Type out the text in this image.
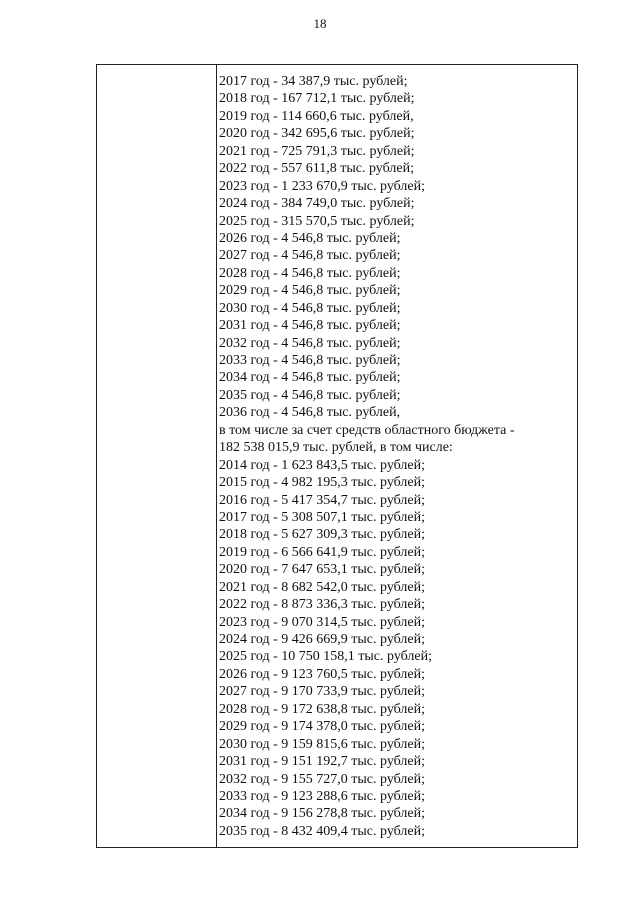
18
2017 год - 34 387,9 тыс. рублей;
2018 год - 167 712,1 тыс. рублей;
2019 год - 114 660,6 тыс. рублей,
2020 год - 342 695,6 тыс. рублей;
2021 год - 725 791,3 тыс. рублей;
2022 год - 557 611,8 тыс. рублей;
2023 год - 1 233 670,9 тыс. рублей;
2024 год - 384 749,0 тыс. рублей;
2025 год - 315 570,5 тыс. рублей;
2026 год - 4 546,8 тыс. рублей;
2027 год - 4 546,8 тыс. рублей;
2028 год - 4 546,8 тыс. рублей;
2029 год - 4 546,8 тыс. рублей;
2030 год - 4 546,8 тыс. рублей;
2031 год - 4 546,8 тыс. рублей;
2032 год - 4 546,8 тыс. рублей;
2033 год - 4 546,8 тыс. рублей;
2034 год - 4 546,8 тыс. рублей;
2035 год - 4 546,8 тыс. рублей;
2036 год - 4 546,8 тыс. рублей,
в том числе за счет средств областного бюджета -
182 538 015,9 тыс. рублей, в том числе:
2014 год - 1 623 843,5 тыс. рублей;
2015 год - 4 982 195,3 тыс. рублей;
2016 год - 5 417 354,7 тыс. рублей;
2017 год - 5 308 507,1 тыс. рублей;
2018 год - 5 627 309,3 тыс. рублей;
2019 год - 6 566 641,9 тыс. рублей;
2020 год - 7 647 653,1 тыс. рублей;
2021 год - 8 682 542,0 тыс. рублей;
2022 год - 8 873 336,3 тыс. рублей;
2023 год - 9 070 314,5 тыс. рублей;
2024 год - 9 426 669,9 тыс. рублей;
2025 год - 10 750 158,1 тыс. рублей;
2026 год - 9 123 760,5 тыс. рублей;
2027 год - 9 170 733,9 тыс. рублей;
2028 год - 9 172 638,8 тыс. рублей;
2029 год - 9 174 378,0 тыс. рублей;
2030 год - 9 159 815,6 тыс. рублей;
2031 год - 9 151 192,7 тыс. рублей;
2032 год - 9 155 727,0 тыс. рублей;
2033 год - 9 123 288,6 тыс. рублей;
2034 год - 9 156 278,8 тыс. рублей;
2035 год - 8 432 409,4 тыс. рублей;
